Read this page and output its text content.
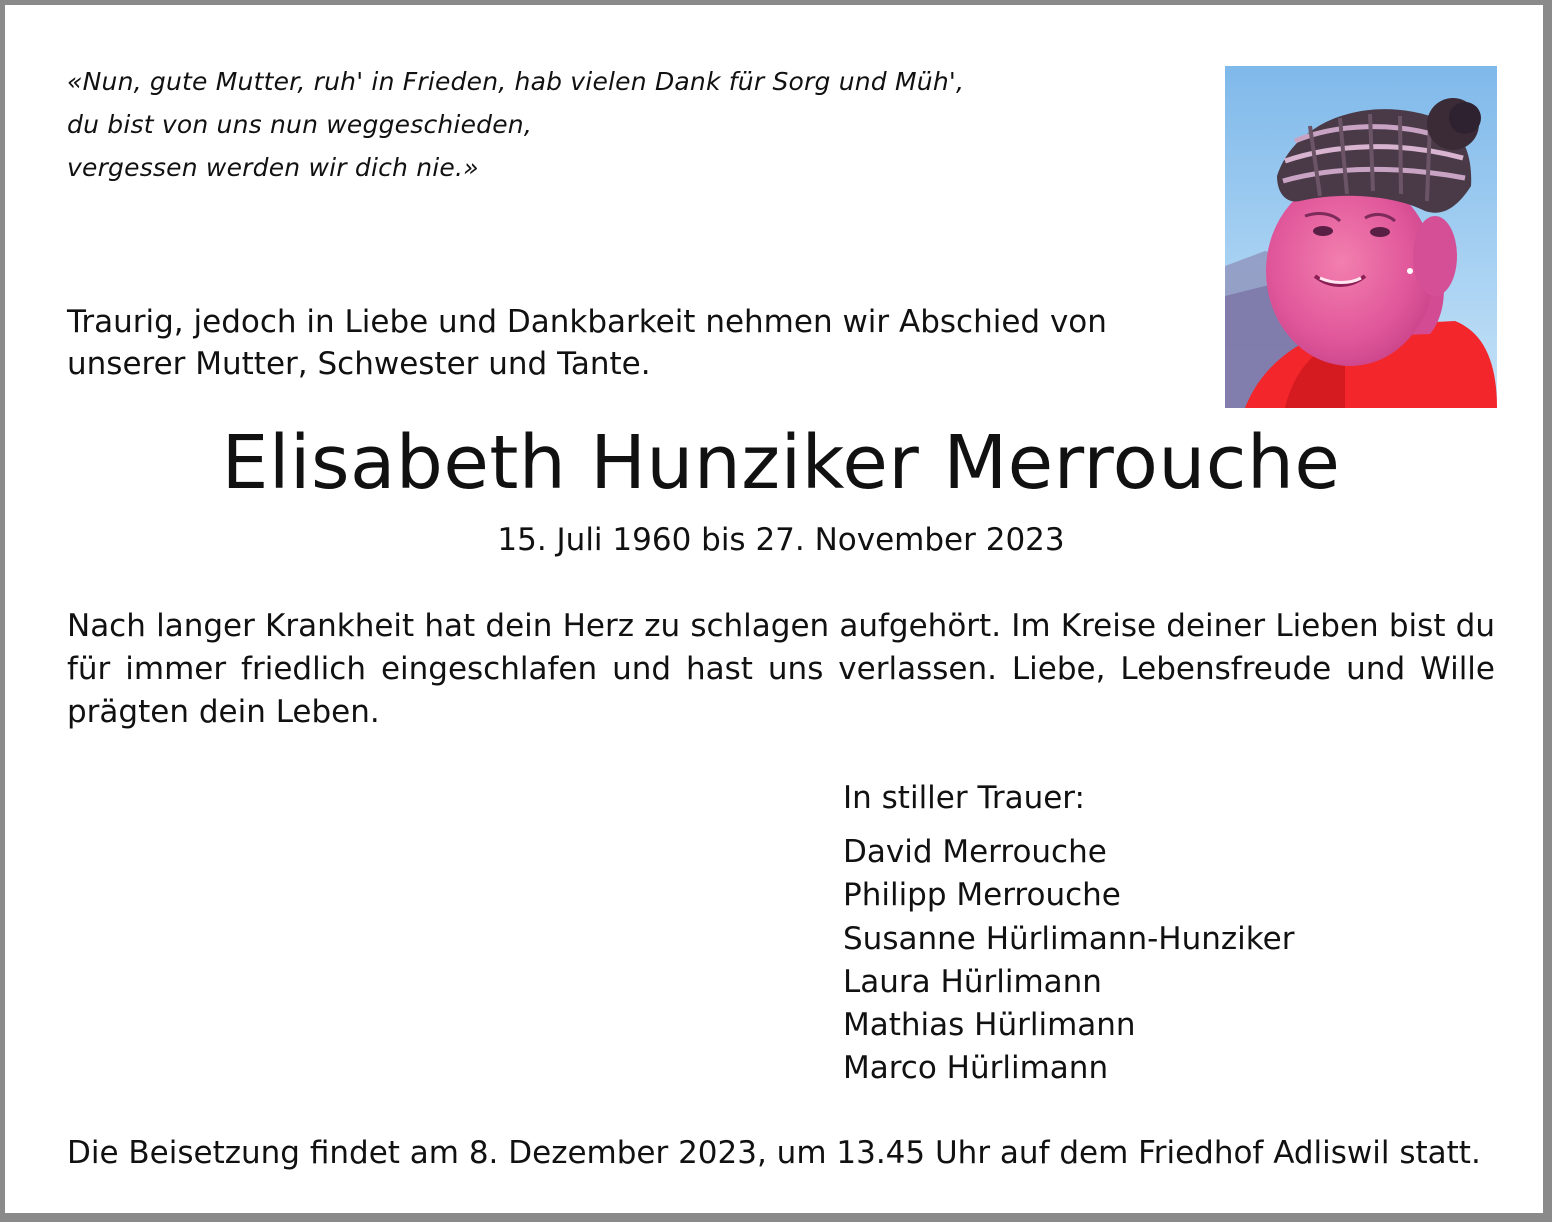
«Nun, gute Mutter, ruh' in Frieden, hab vielen Dank für Sorg und Müh',
du bist von uns nun weggeschieden,
vergessen werden wir dich nie.»
Traurig, jedoch in Liebe und Dankbarkeit nehmen wir Abschied von
unserer Mutter, Schwester und Tante.
Elisabeth Hunziker Merrouche
15. Juli 1960 bis 27. November 2023
Nach langer Krankheit hat dein Herz zu schlagen aufgehört. Im Kreise deiner Lieben bist du für immer friedlich eingeschlafen und hast uns verlassen. Liebe, Lebensfreude und Wille prägten dein Leben.
In stiller Trauer:
David Merrouche
Philipp Merrouche
Susanne Hürlimann-Hunziker
Laura Hürlimann
Mathias Hürlimann
Marco Hürlimann
Die Beisetzung findet am 8. Dezember 2023, um 13.45 Uhr auf dem Friedhof Adliswil statt.
